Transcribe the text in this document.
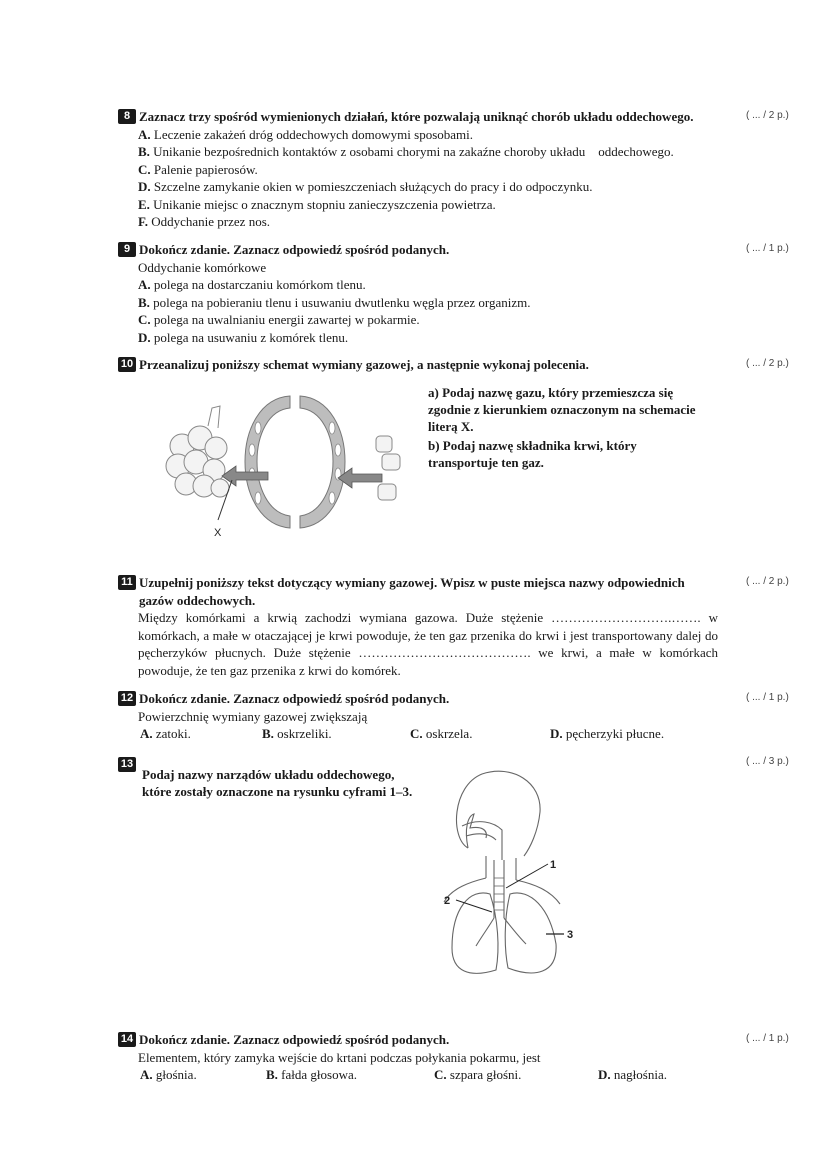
8 Zaznacz trzy spośród wymienionych działań, które pozwalają uniknąć chorób układu oddechowego.
A. Leczenie zakażeń dróg oddechowych domowymi sposobami.
B. Unikanie bezpośrednich kontaktów z osobami chorymi na zakaźne choroby układu    oddechowego.
C. Palenie papierosów.
D. Szczelne zamykanie okien w pomieszczeniach służących do pracy i do odpoczynku.
E. Unikanie miejsc o znacznym stopniu zanieczyszczenia powietrza.
F. Oddychanie przez nos.
( ... / 2 p.)
9 Dokończ zdanie. Zaznacz odpowiedź spośród podanych.
Oddychanie komórkowe
A. polega na dostarczaniu komórkom tlenu.
B. polega na pobieraniu tlenu i usuwaniu dwutlenku węgla przez organizm.
C. polega na uwalnianiu energii zawartej w pokarmie.
D. polega na usuwaniu z komórek tlenu.
( ... / 1 p.)
10 Przeanalizuj poniższy schemat wymiany gazowej, a następnie wykonaj polecenia.	( ... / 2 p.)
a) Podaj nazwę gazu, który przemieszcza się zgodnie z kierunkiem oznaczonym na schemacie literą X.
b) Podaj nazwę składnika krwi, który transportuje ten gaz.
X
11 Uzupełnij poniższy tekst dotyczący wymiany gazowej. Wpisz w puste miejsca nazwy odpowiednich gazów oddechowych.
Między komórkami a krwią zachodzi wymiana gazowa. Duże stężenie ……………………….……. w komórkach, a małe w otaczającej je krwi powoduje, że ten gaz przenika do krwi i jest transportowany dalej do pęcherzyków płucnych. Duże stężenie …………………………………. we krwi, a małe w komórkach powoduje, że ten gaz przenika z krwi do komórek.
( ... / 2 p.)
12 Dokończ zdanie. Zaznacz odpowiedź spośród podanych.
Powierzchnię wymiany gazowej zwiększają
A. zatoki.	B. oskrzeliki.	C. oskrzela.	D. pęcherzyki płucne.
( ... / 1 p.)
13
Podaj nazwy narządów układu oddechowego, które zostały oznaczone na rysunku cyframi 1–3.
( ... / 3 p.)
1
2
3
14 Dokończ zdanie. Zaznacz odpowiedź spośród podanych.
Elementem, który zamyka wejście do krtani podczas połykania pokarmu, jest
A. głośnia.	B. fałda głosowa.	C. szpara głośni.	D. nagłośnia.
( ... / 1 p.)
